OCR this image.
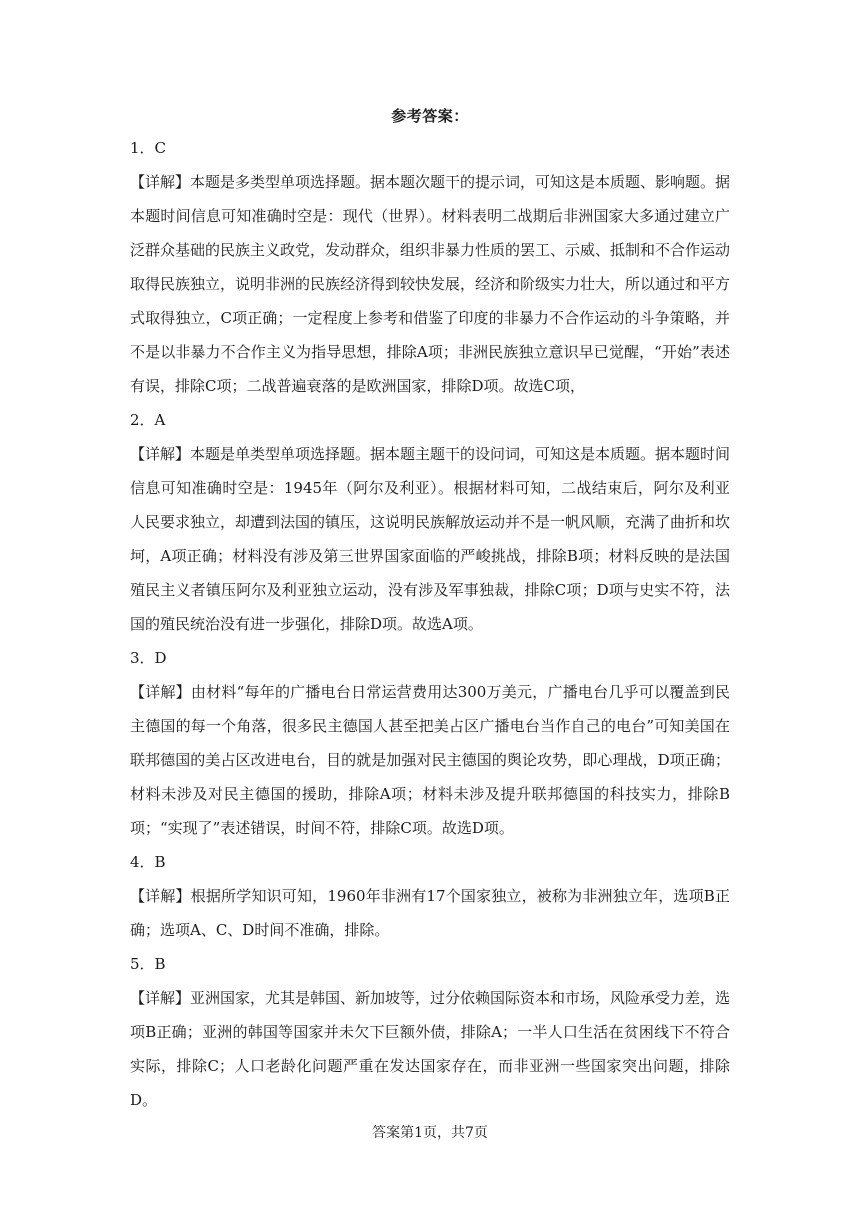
参考答案：

1．C

【详解】本题是多类型单项选择题。据本题次题干的提示词，可知这是本质题、影响题。据本题时间信息可知准确时空是：现代（世界）。材料表明二战期后非洲国家大多通过建立广泛群众基础的民族主义政党，发动群众，组织非暴力性质的罢工、示威、抵制和不合作运动取得民族独立，说明非洲的民族经济得到较快发展，经济和阶级实力壮大，所以通过和平方式取得独立，C项正确；一定程度上参考和借鉴了印度的非暴力不合作运动的斗争策略，并不是以非暴力不合作主义为指导思想，排除A项；非洲民族独立意识早已觉醒，“开始”表述有误，排除C项；二战普遍衰落的是欧洲国家，排除D项。故选C项，

2．A

【详解】本题是单类型单项选择题。据本题主题干的设问词，可知这是本质题。据本题时间信息可知准确时空是：1945年（阿尔及利亚）。根据材料可知，二战结束后，阿尔及利亚人民要求独立，却遭到法国的镇压，这说明民族解放运动并不是一帆风顺，充满了曲折和坎坷，A项正确；材料没有涉及第三世界国家面临的严峻挑战，排除B项；材料反映的是法国殖民主义者镇压阿尔及利亚独立运动，没有涉及军事独裁，排除C项；D项与史实不符，法国的殖民统治没有进一步强化，排除D项。故选A项。

3．D

【详解】由材料“每年的广播电台日常运营费用达300万美元，广播电台几乎可以覆盖到民主德国的每一个角落，很多民主德国人甚至把美占区广播电台当作自己的电台”可知美国在联邦德国的美占区改进电台，目的就是加强对民主德国的舆论攻势，即心理战，D项正确；材料未涉及对民主德国的援助，排除A项；材料未涉及提升联邦德国的科技实力，排除B项；“实现了”表述错误，时间不符，排除C项。故选D项。

4．B

【详解】根据所学知识可知，1960年非洲有17个国家独立，被称为非洲独立年，选项B正确；选项A、C、D时间不准确，排除。

5．B

【详解】亚洲国家，尤其是韩国、新加坡等，过分依赖国际资本和市场，风险承受力差，选项B正确；亚洲的韩国等国家并未欠下巨额外债，排除A；一半人口生活在贫困线下不符合实际，排除C；人口老龄化问题严重在发达国家存在，而非亚洲一些国家突出问题，排除D。

答案第1页，共7页
